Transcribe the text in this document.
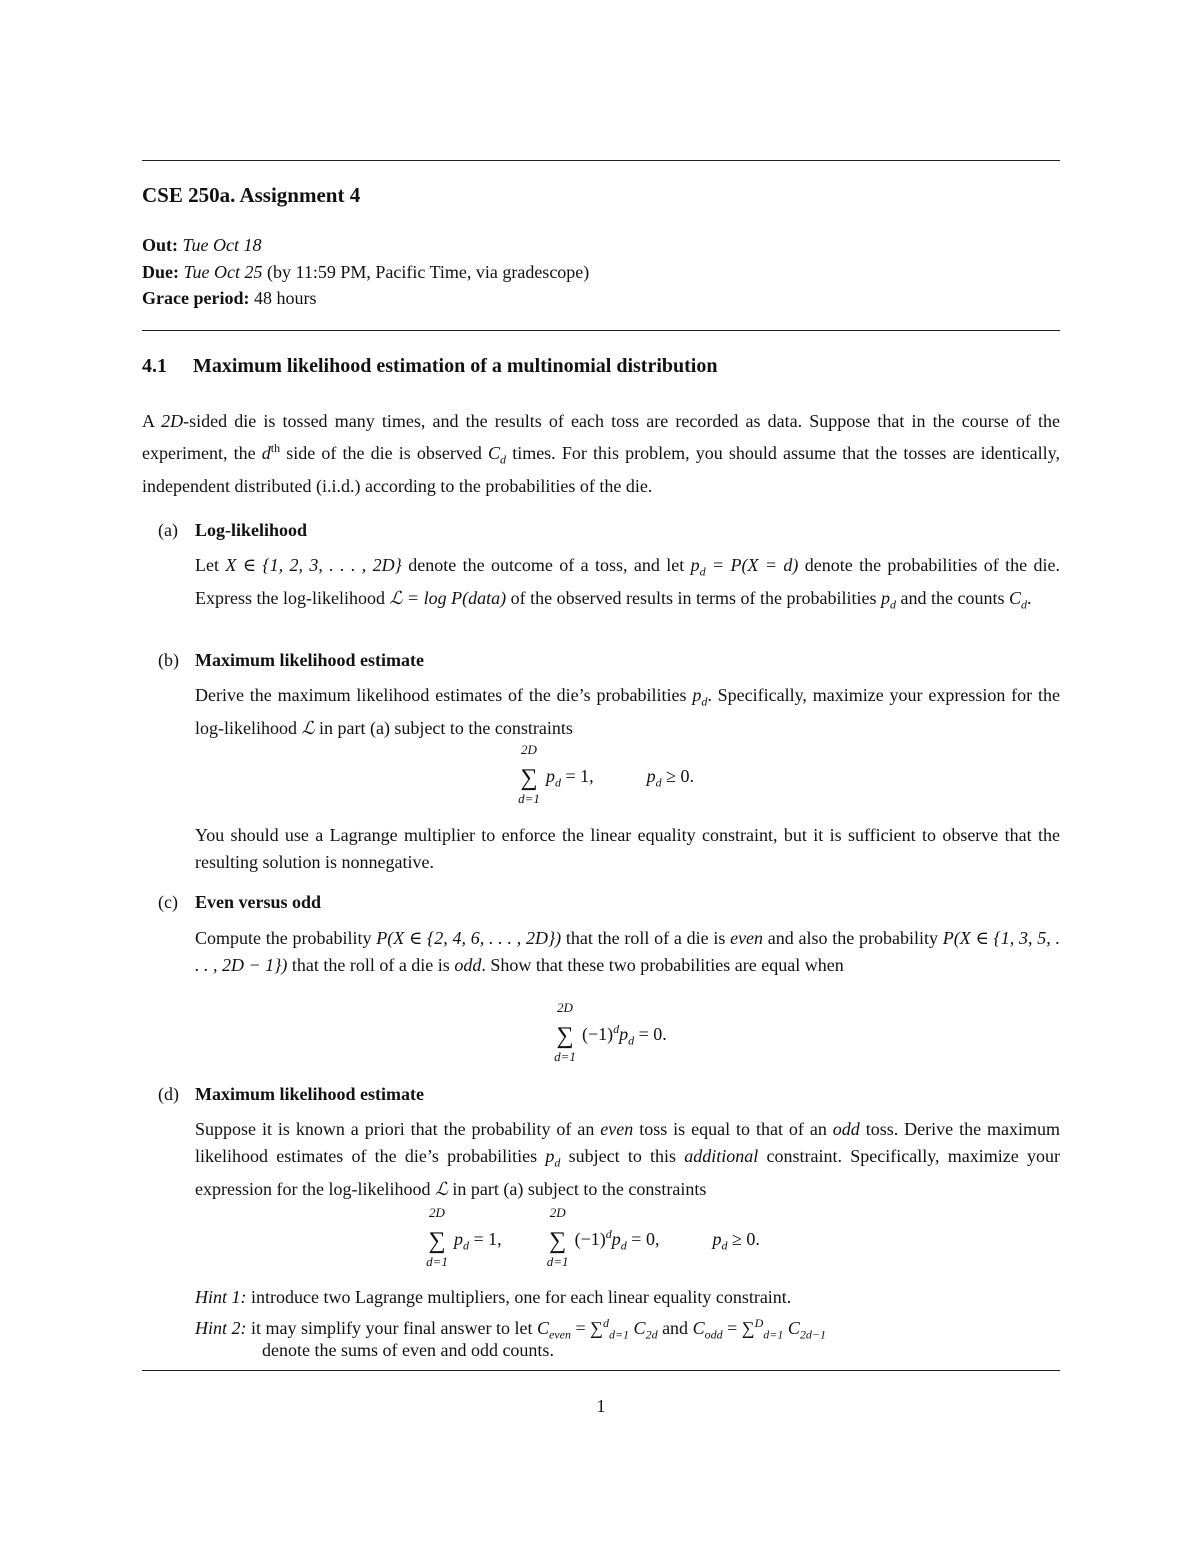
CSE 250a. Assignment 4
Out: Tue Oct 18
Due: Tue Oct 25 (by 11:59 PM, Pacific Time, via gradescope)
Grace period: 48 hours
4.1 Maximum likelihood estimation of a multinomial distribution
A 2D-sided die is tossed many times, and the results of each toss are recorded as data. Suppose that in the course of the experiment, the $d^{th}$ side of the die is observed $C_d$ times. For this problem, you should assume that the tosses are identically, independent distributed (i.i.d.) according to the probabilities of the die.
(a) Log-likelihood
Let X ∈ {1, 2, 3, . . . , 2D} denote the outcome of a toss, and let $p_d = P(X = d)$ denote the probabilities of the die. Express the log-likelihood ℒ = log P(data) of the observed results in terms of the probabilities $p_d$ and the counts $C_d$.
(b) Maximum likelihood estimate
Derive the maximum likelihood estimates of the die’s probabilities $p_d$. Specifically, maximize your expression for the log-likelihood ℒ in part (a) subject to the constraints
2D
∑
d=1
$p_d = 1$,	$p_d \ge 0$.
You should use a Lagrange multiplier to enforce the linear equality constraint, but it is sufficient to observe that the resulting solution is nonnegative.
(c) Even versus odd
Compute the probability P(X ∈ {2, 4, 6, . . . , 2D}) that the roll of a die is even and also the probability P(X ∈ {1, 3, 5, . . . , 2D − 1}) that the roll of a die is odd. Show that these two probabilities are equal when
2D
∑
d=1
$(-1)^dp_d = 0$.
(d) Maximum likelihood estimate
Suppose it is known a priori that the probability of an even toss is equal to that of an odd toss. Derive the maximum likelihood estimates of the die’s probabilities $p_d$ subject to this additional constraint. Specifically, maximize your expression for the log-likelihood ℒ in part (a) subject to the constraints
2D
∑
d=1
$p_d = 1$,
2D
∑
d=1
$(-1)^dp_d = 0$,	$p_d \ge 0$.
Hint 1: introduce two Lagrange multipliers, one for each linear equality constraint.
Hint 2: it may simplify your final answer to let $C_{even} = \sum^d_{d=1}$ $C_{2d}$ and $C_{odd} = \sum^D_{d=1}$ $C_{2d-1}$
denote the sums of even and odd counts.
1
